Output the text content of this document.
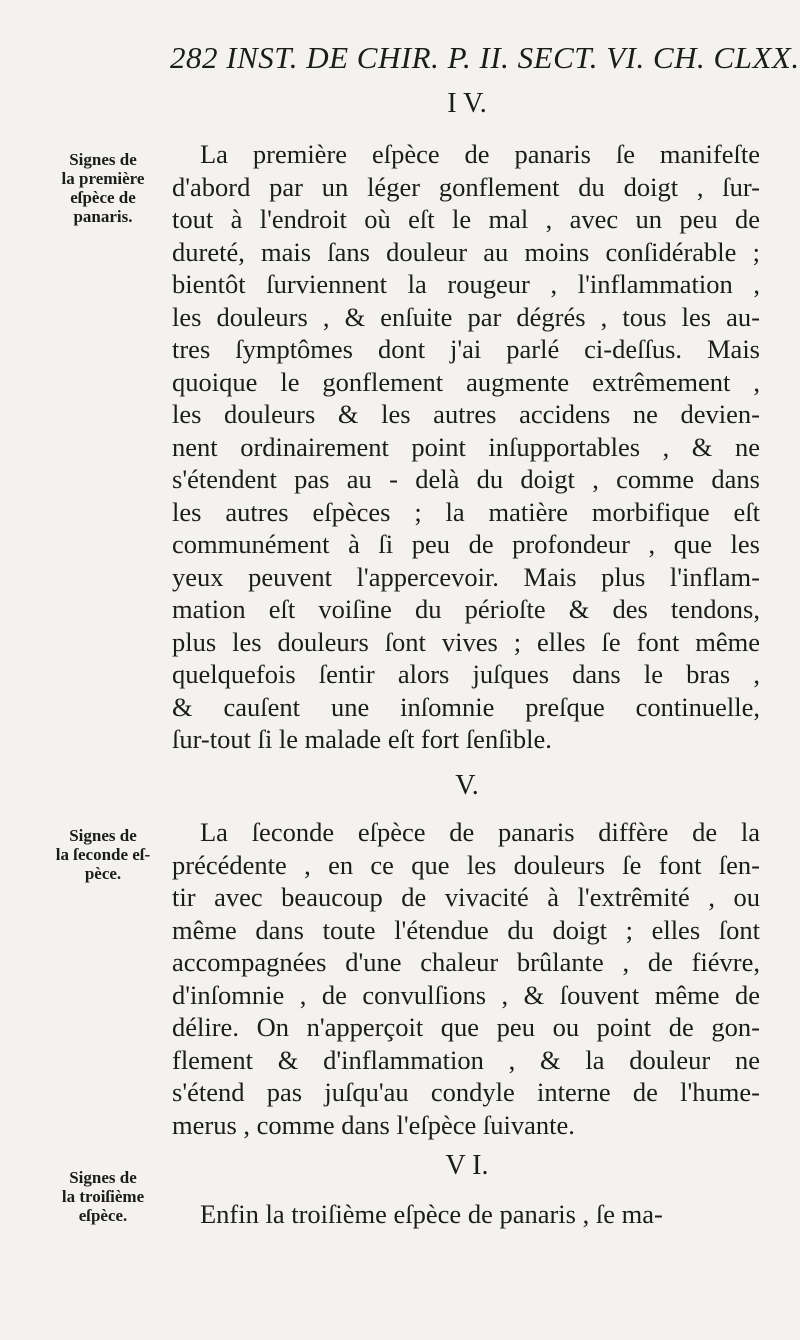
282 INST. DE CHIR. P. II. SECT. VI. CH. CLXX.
I V.
Signes de
la première
eſpèce de
panaris.
La première eſpèce de panaris ſe manifeſte
d'abord par un léger gonflement du doigt , ſur-
tout à l'endroit où eſt le mal , avec un peu de
dureté, mais ſans douleur au moins conſidérable ;
bientôt ſurviennent la rougeur , l'inflammation ,
les douleurs , & enſuite par dégrés , tous les au-
tres ſymptômes dont j'ai parlé ci-deſſus. Mais
quoique le gonflement augmente extrêmement ,
les douleurs & les autres accidens ne devien-
nent ordinairement point inſupportables , & ne
s'étendent pas au - delà du doigt , comme dans
les autres eſpèces ; la matière morbifique eſt
communément à ſi peu de profondeur , que les
yeux peuvent l'appercevoir. Mais plus l'inflam-
mation eſt voiſine du périoſte & des tendons,
plus les douleurs ſont vives ; elles ſe font même
quelquefois ſentir alors juſques dans le bras ,
& cauſent une inſomnie preſque continuelle,
ſur-tout ſi le malade eſt fort ſenſible.
V.
Signes de
la ſeconde eſ-
pèce.
La ſeconde eſpèce de panaris diffère de la
précédente , en ce que les douleurs ſe font ſen-
tir avec beaucoup de vivacité à l'extrêmité , ou
même dans toute l'étendue du doigt ; elles ſont
accompagnées d'une chaleur brûlante , de fiévre,
d'inſomnie , de convulſions , & ſouvent même de
délire. On n'apperçoit que peu ou point de gon-
flement & d'inflammation , & la douleur ne
s'étend pas juſqu'au condyle interne de l'hume-
merus , comme dans l'eſpèce ſuivante.
V I.
Signes de
la troiſième
eſpèce.	Enfin la troiſième eſpèce de panaris , ſe ma-
